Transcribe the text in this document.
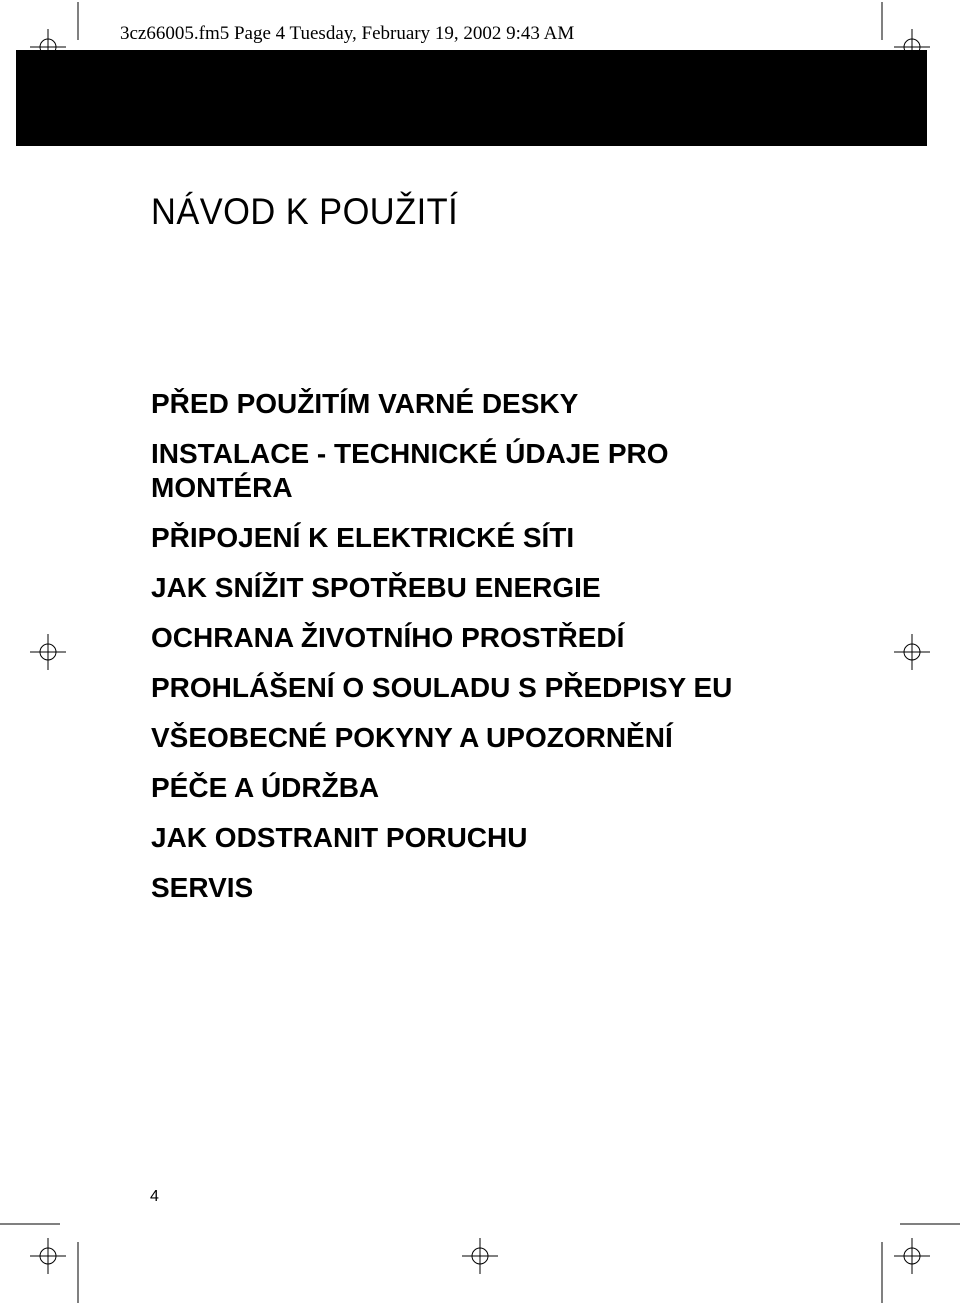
3cz66005.fm5 Page 4 Tuesday, February 19, 2002 9:43 AM
NÁVOD K POUŽITÍ
PŘED POUŽITÍM VARNÉ DESKY
INSTALACE - TECHNICKÉ ÚDAJE PRO MONTÉRA
PŘIPOJENÍ K ELEKTRICKÉ SÍTI
JAK SNÍŽIT SPOTŘEBU ENERGIE
OCHRANA ŽIVOTNÍHO PROSTŘEDÍ
PROHLÁŠENÍ O SOULADU S PŘEDPISY EU
VŠEOBECNÉ POKYNY A UPOZORNĚNÍ
PÉČE A ÚDRŽBA
JAK ODSTRANIT PORUCHU
SERVIS
4
